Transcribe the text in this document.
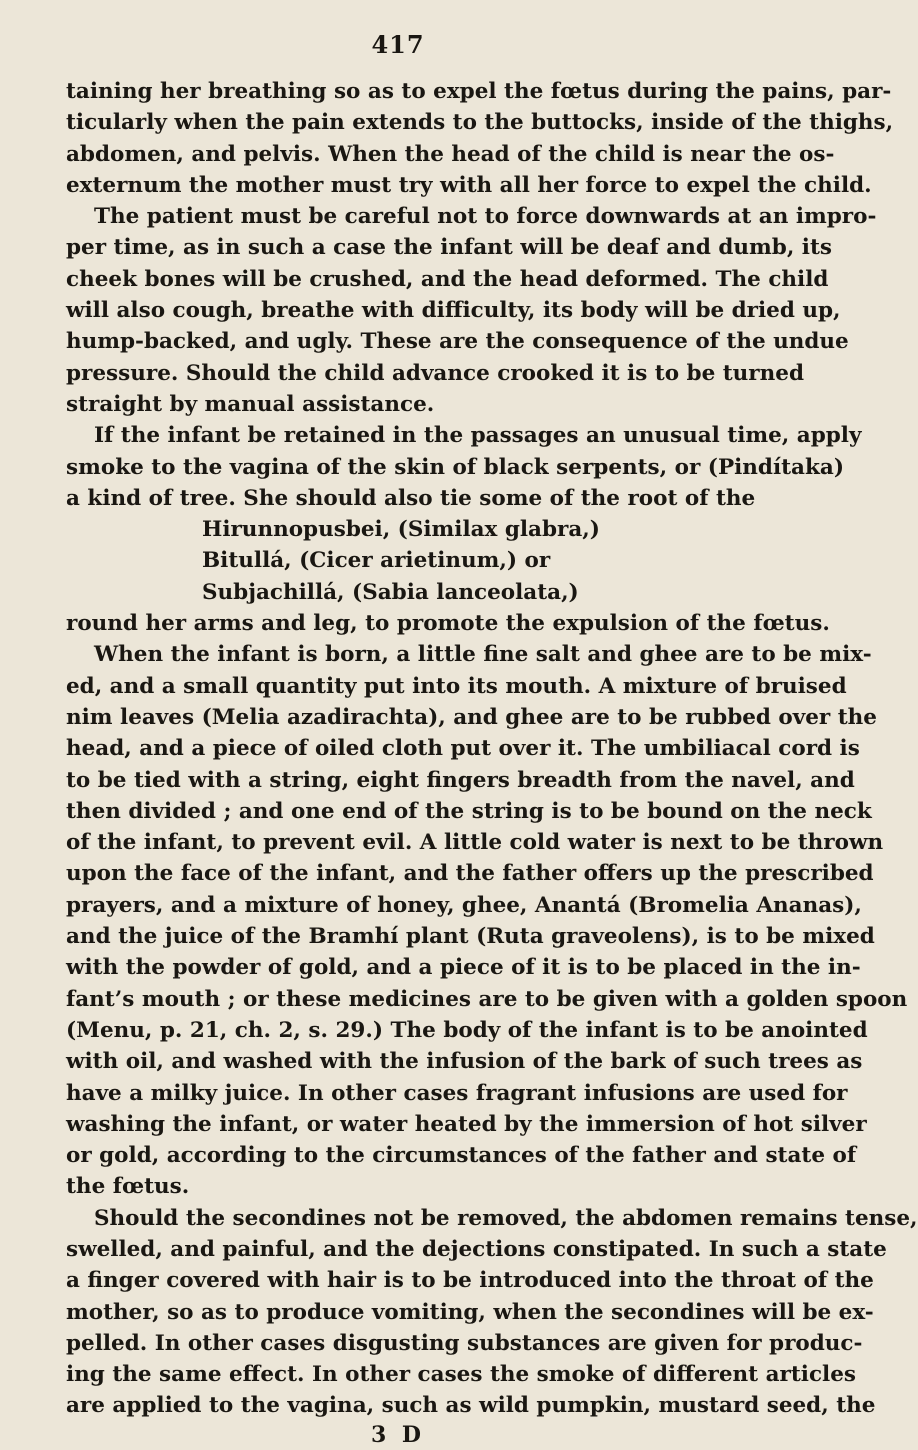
417
taining her breathing so as to expel the fœtus during the pains, par-
ticularly when the pain extends to the buttocks, inside of the thighs,
abdomen, and pelvis. When the head of the child is near the os-
externum the mother must try with all her force to expel the child.
The patient must be careful not to force downwards at an impro-
per time, as in such a case the infant will be deaf and dumb, its
cheek bones will be crushed, and the head deformed. The child
will also cough, breathe with difficulty, its body will be dried up,
hump-backed, and ugly. These are the consequence of the undue
pressure. Should the child advance crooked it is to be turned
straight by manual assistance.
If the infant be retained in the passages an unusual time, apply
smoke to the vagina of the skin of black serpents, or (Pindítaka)
a kind of tree. She should also tie some of the root of the
Hirunnopusbei, (Similax glabra,)
Bitullá, (Cicer arietinum,) or
Subjachillá, (Sabia lanceolata,)
round her arms and leg, to promote the expulsion of the fœtus.
When the infant is born, a little fine salt and ghee are to be mix-
ed, and a small quantity put into its mouth. A mixture of bruised
nim leaves (Melia azadirachta), and ghee are to be rubbed over the
head, and a piece of oiled cloth put over it. The umbiliacal cord is
to be tied with a string, eight fingers breadth from the navel, and
then divided ; and one end of the string is to be bound on the neck
of the infant, to prevent evil. A little cold water is next to be thrown
upon the face of the infant, and the father offers up the prescribed
prayers, and a mixture of honey, ghee, Anantá (Bromelia Ananas),
and the juice of the Bramhí plant (Ruta graveolens), is to be mixed
with the powder of gold, and a piece of it is to be placed in the in-
fant’s mouth ; or these medicines are to be given with a golden spoon
(Menu, p. 21, ch. 2, s. 29.) The body of the infant is to be anointed
with oil, and washed with the infusion of the bark of such trees as
have a milky juice. In other cases fragrant infusions are used for
washing the infant, or water heated by the immersion of hot silver
or gold, according to the circumstances of the father and state of
the fœtus.
Should the secondines not be removed, the abdomen remains tense,
swelled, and painful, and the dejections constipated. In such a state
a finger covered with hair is to be introduced into the throat of the
mother, so as to produce vomiting, when the secondines will be ex-
pelled. In other cases disgusting substances are given for produc-
ing the same effect. In other cases the smoke of different articles
are applied to the vagina, such as wild pumpkin, mustard seed, the
3 D
